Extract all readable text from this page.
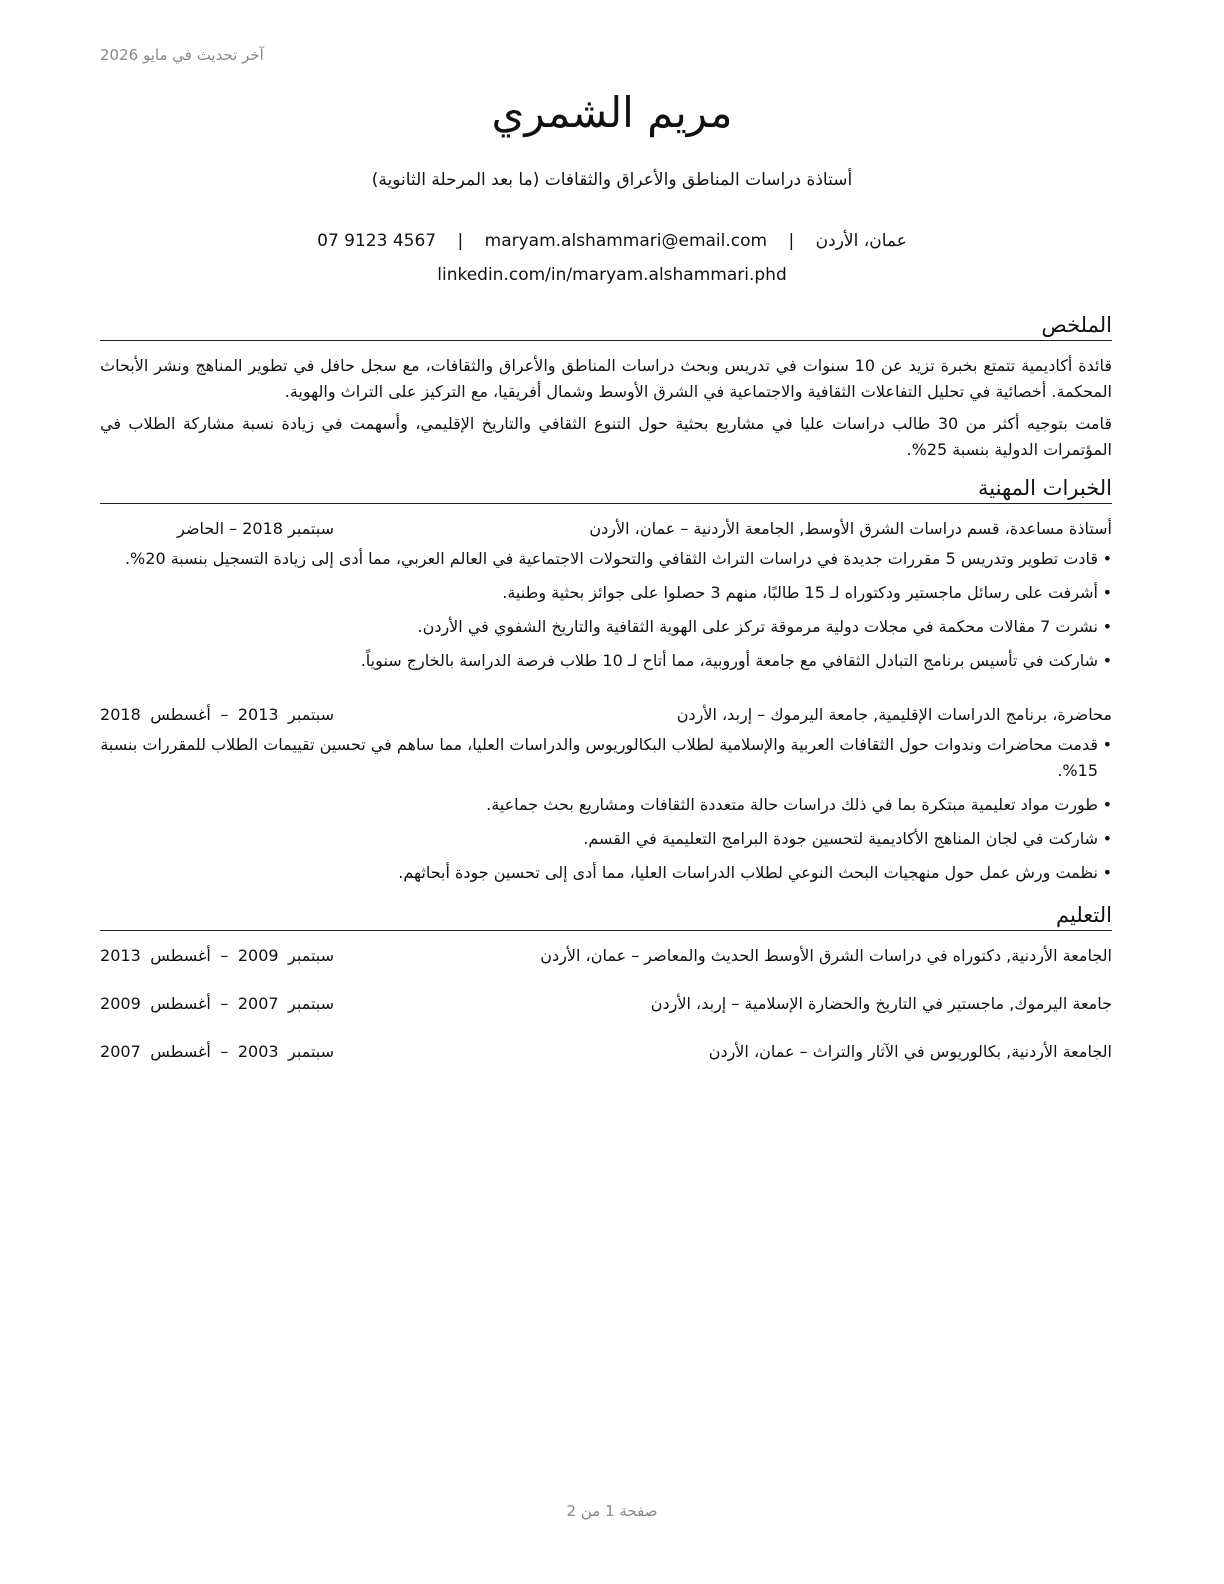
آخر تحديث في مايو 2026
مريم الشمري
أستاذة دراسات المناطق والأعراق والثقافات (ما بعد المرحلة الثانوية)
عمان، الأردن | maryam.alshammari@email.com | 07 9123 4567
linkedin.com/in/maryam.alshammari.phd
الملخص

قائدة أكاديمية تتمتع بخبرة تزيد عن 10 سنوات في تدريس وبحث دراسات المناطق والأعراق والثقافات، مع سجل حافل في تطوير المناهج ونشر الأبحاث المحكمة. أخصائية في تحليل التفاعلات الثقافية والاجتماعية في الشرق الأوسط وشمال أفريقيا، مع التركيز على التراث والهوية.

قامت بتوجيه أكثر من 30 طالب دراسات عليا في مشاريع بحثية حول التنوع الثقافي والتاريخ الإقليمي، وأسهمت في زيادة نسبة مشاركة الطلاب في المؤتمرات الدولية بنسبة 25%.

الخبرات المهنية
أستاذة مساعدة، قسم دراسات الشرق الأوسط, الجامعة الأردنية – عمان، الأردن
سبتمبر 2018 – الحاضر
• قادت تطوير وتدريس 5 مقررات جديدة في دراسات التراث الثقافي والتحولات الاجتماعية في العالم العربي، مما أدى إلى زيادة التسجيل بنسبة 20%.
• أشرفت على رسائل ماجستير ودكتوراه لـ 15 طالبًا، منهم 3 حصلوا على جوائز بحثية وطنية.
• نشرت 7 مقالات محكمة في مجلات دولية مرموقة تركز على الهوية الثقافية والتاريخ الشفوي في الأردن.
• شاركت في تأسيس برنامج التبادل الثقافي مع جامعة أوروبية، مما أتاح لـ 10 طلاب فرصة الدراسة بالخارج سنوياً.
محاضرة، برنامج الدراسات الإقليمية, جامعة اليرموك – إربد، الأردن
سبتمبر
2013
–
أغسطس
2018
• قدمت محاضرات وندوات حول الثقافات العربية والإسلامية لطلاب البكالوريوس والدراسات العليا، مما ساهم في تحسين تقييمات الطلاب للمقررات بنسبة 15%.
• طورت مواد تعليمية مبتكرة بما في ذلك دراسات حالة متعددة الثقافات ومشاريع بحث جماعية.
• شاركت في لجان المناهج الأكاديمية لتحسين جودة البرامج التعليمية في القسم.
• نظمت ورش عمل حول منهجيات البحث النوعي لطلاب الدراسات العليا، مما أدى إلى تحسين جودة أبحاثهم.
التعليم
الجامعة الأردنية, دكتوراه في دراسات الشرق الأوسط الحديث والمعاصر – عمان، الأردن
سبتمبر
2009
–
أغسطس
2013
جامعة اليرموك, ماجستير في التاريخ والحضارة الإسلامية – إربد، الأردن
سبتمبر
2007
–
أغسطس
2009
الجامعة الأردنية, بكالوريوس في الآثار والتراث – عمان، الأردن
سبتمبر
2003
–
أغسطس
2007
صفحة 1 من 2
